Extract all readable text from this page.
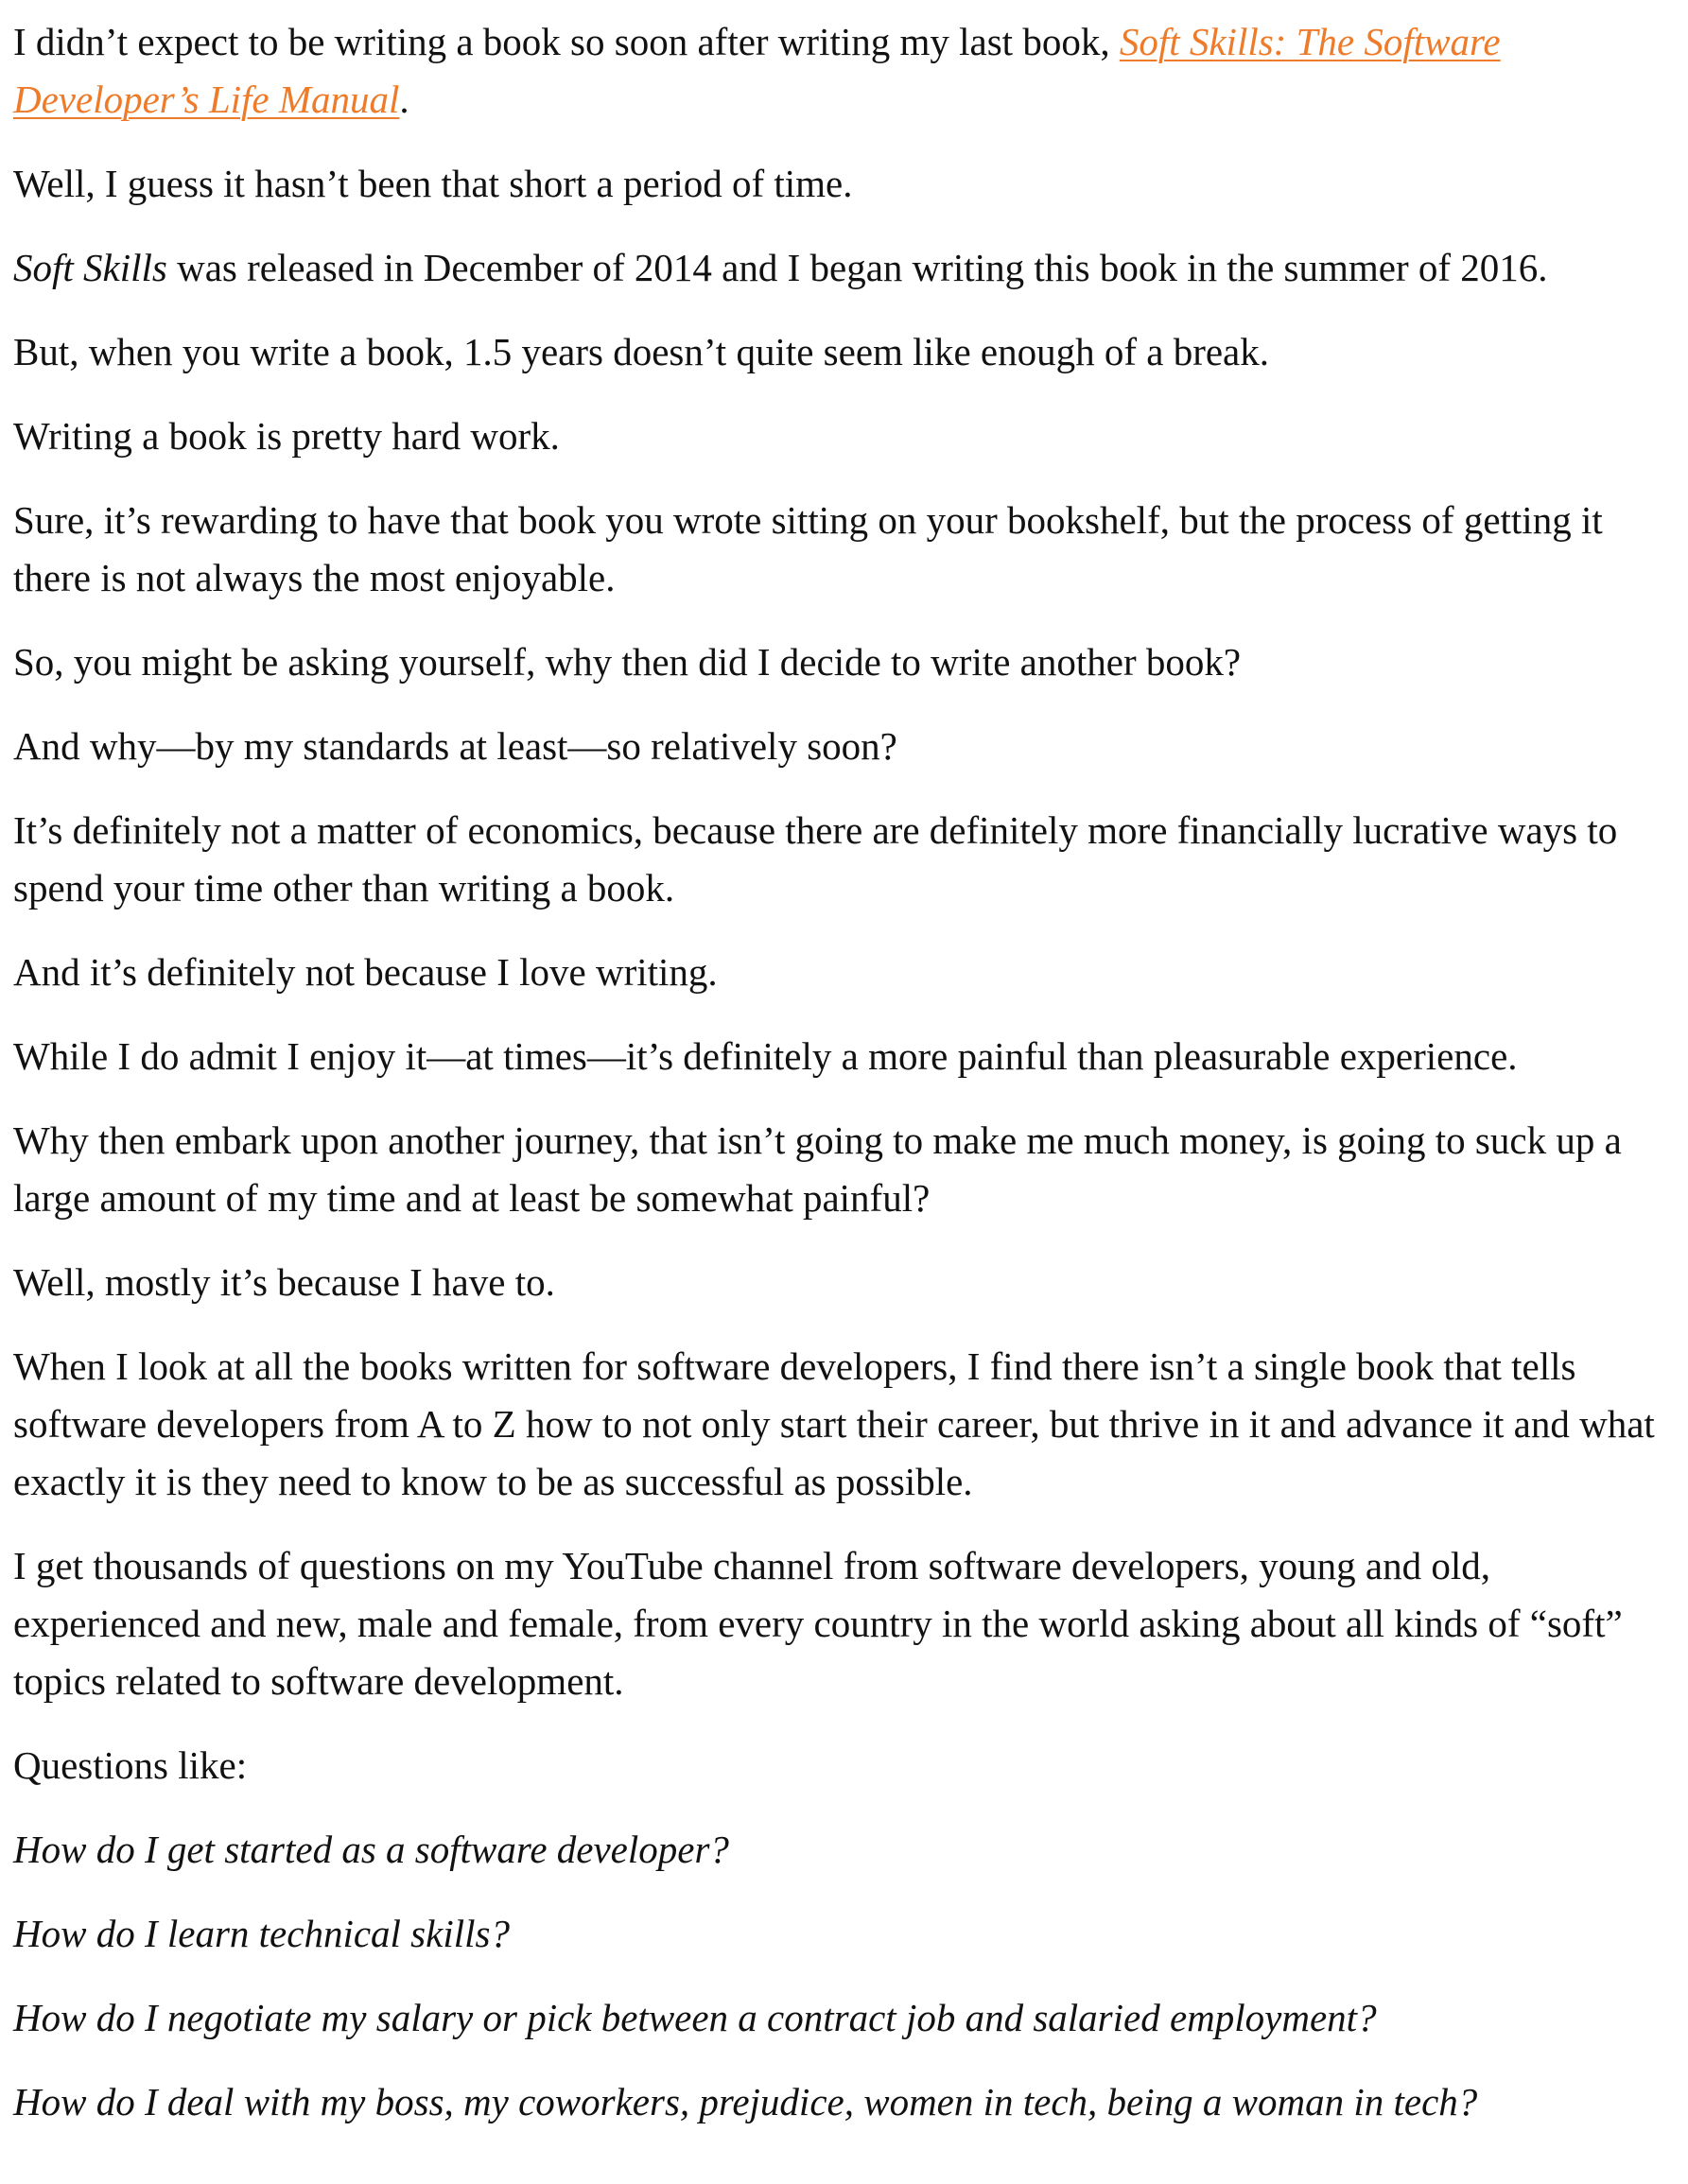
I didn’t expect to be writing a book so soon after writing my last book, Soft Skills: The Software Developer’s Life Manual.

Well, I guess it hasn’t been that short a period of time.

Soft Skills was released in December of 2014 and I began writing this book in the summer of 2016.

But, when you write a book, 1.5 years doesn’t quite seem like enough of a break.

Writing a book is pretty hard work.

Sure, it’s rewarding to have that book you wrote sitting on your bookshelf, but the process of getting it there is not always the most enjoyable.

So, you might be asking yourself, why then did I decide to write another book?

And why—by my standards at least—so relatively soon?

It’s definitely not a matter of economics, because there are definitely more financially lucrative ways to spend your time other than writing a book.

And it’s definitely not because I love writing.

While I do admit I enjoy it—at times—it’s definitely a more painful than pleasurable experience.

Why then embark upon another journey, that isn’t going to make me much money, is going to suck up a large amount of my time and at least be somewhat painful?

Well, mostly it’s because I have to.

When I look at all the books written for software developers, I find there isn’t a single book that tells software developers from A to Z how to not only start their career, but thrive in it and advance it and what exactly it is they need to know to be as successful as possible.

I get thousands of questions on my YouTube channel from software developers, young and old, experienced and new, male and female, from every country in the world asking about all kinds of “soft” topics related to software development.

Questions like:

How do I get started as a software developer?

How do I learn technical skills?

How do I negotiate my salary or pick between a contract job and salaried employment?

How do I deal with my boss, my coworkers, prejudice, women in tech, being a woman in tech?
